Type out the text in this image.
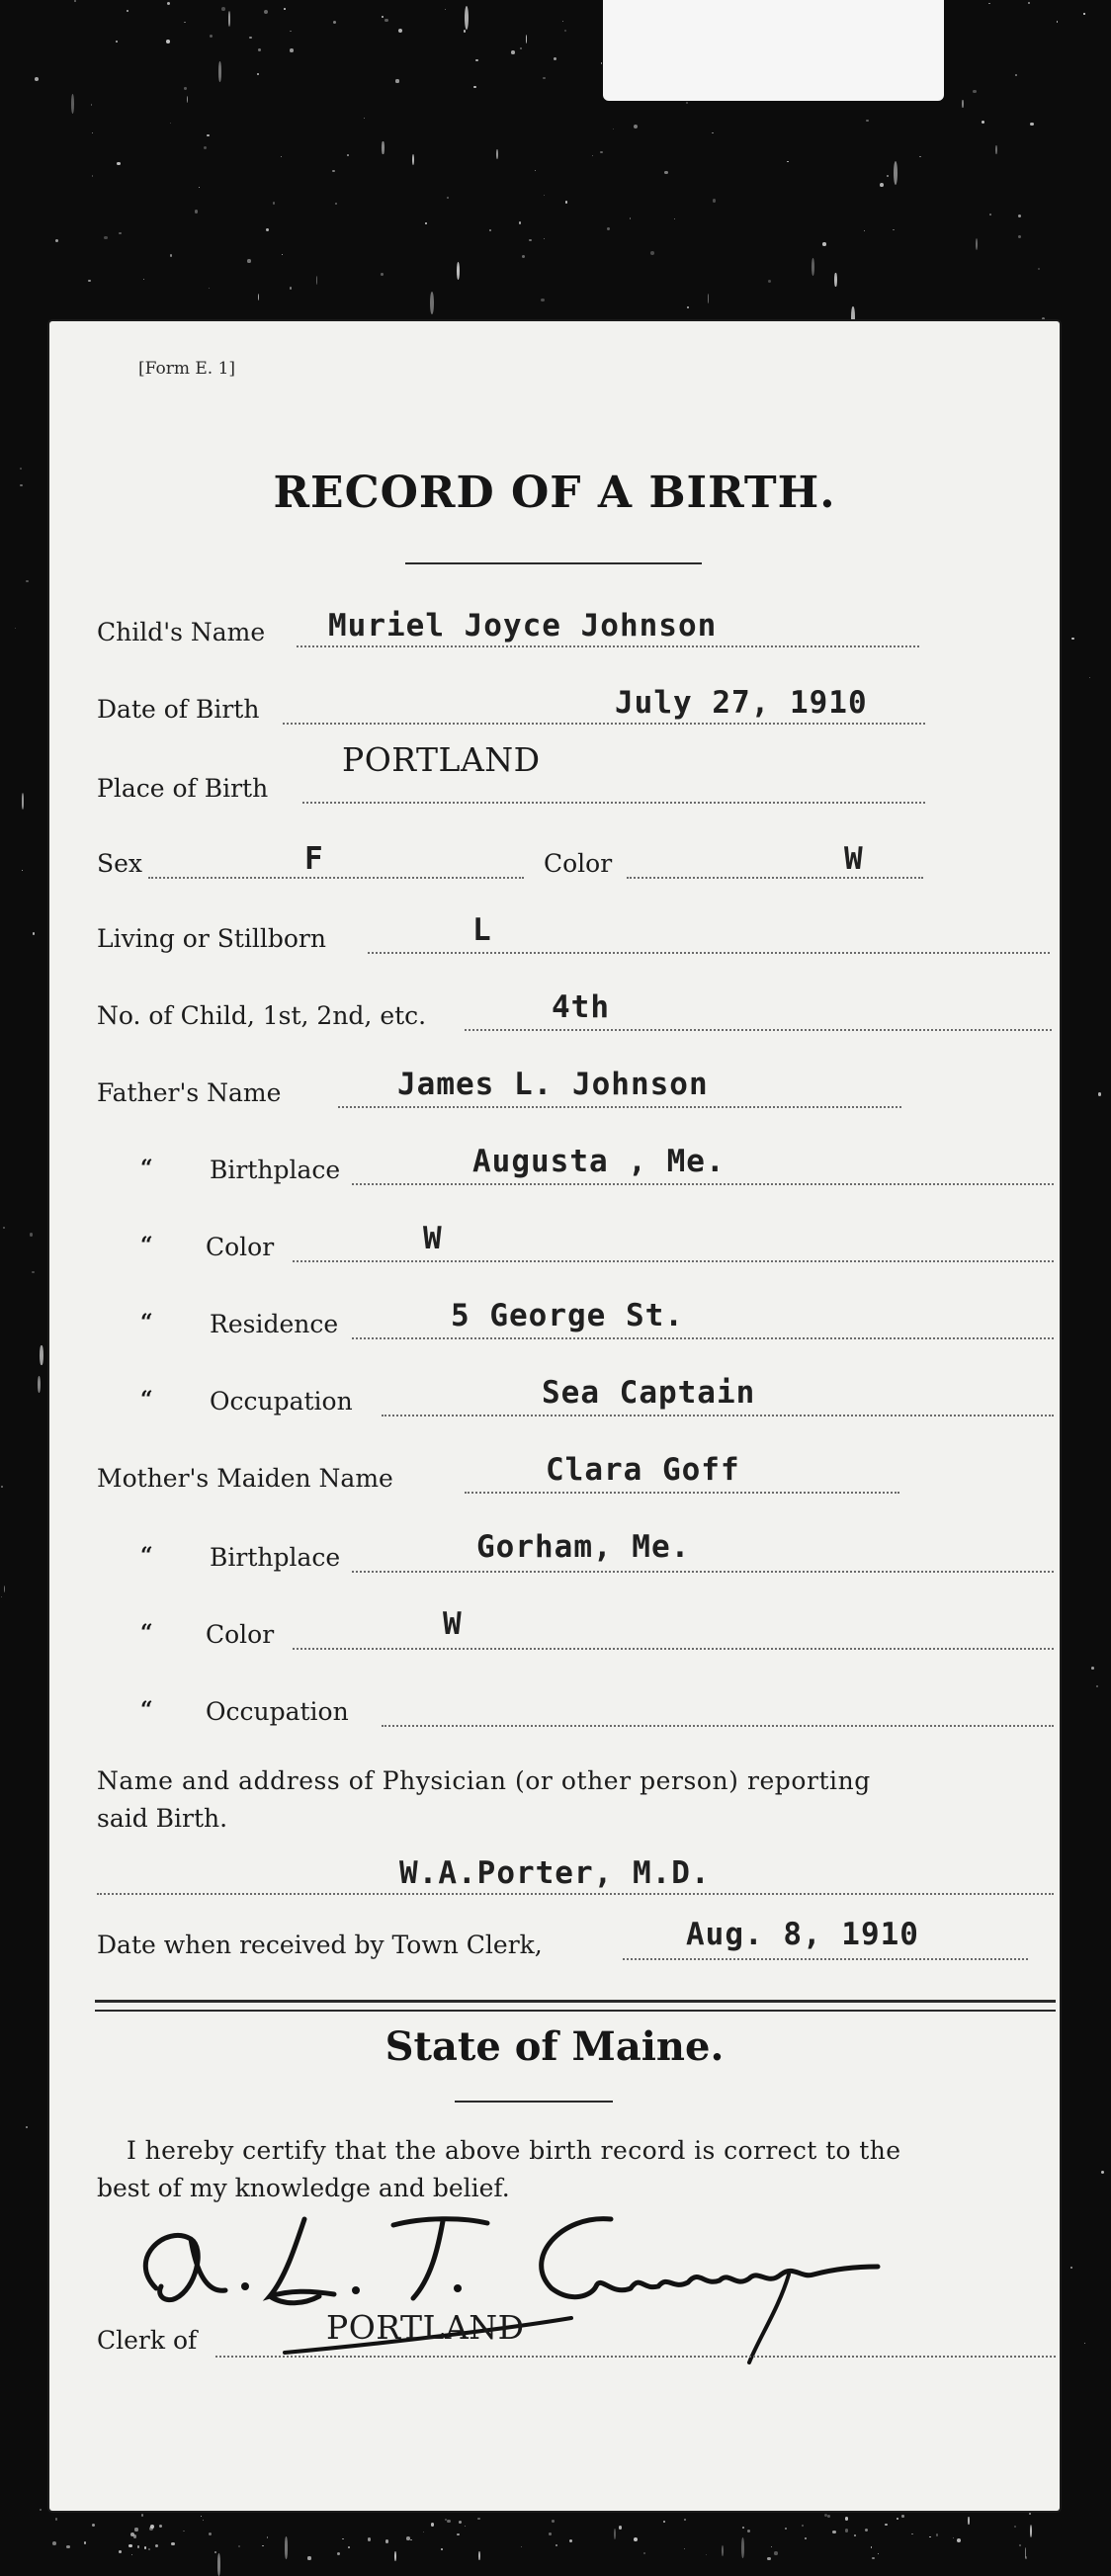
[Form E. 1]
RECORD OF A BIRTH.
Child's Name Muriel Joyce Johnson
Date of Birth	July 27, 1910
Place of Birth
PORTLAND
Sex	F	Color	W
Living or Stillborn	L
No. of Child, 1st, 2nd, etc.	4th
Father's Name	James L. Johnson
“ Birthplace	Augusta , Me.
“ Color	W
“ Residence	5 George St.
“ Occupation	Sea Captain
Mother's Maiden Name	Clara Goff
“ Birthplace	Gorham, Me.
“ Color	W
“ Occupation
Name and address of Physician (or other person) reporting
said Birth.
W.A.Porter, M.D.
Date when received by Town Clerk,	Aug. 8, 1910
State of Maine.
I hereby certify that the above birth record is correct to the
best of my knowledge and belief.
Clerk of	PORTLAND
